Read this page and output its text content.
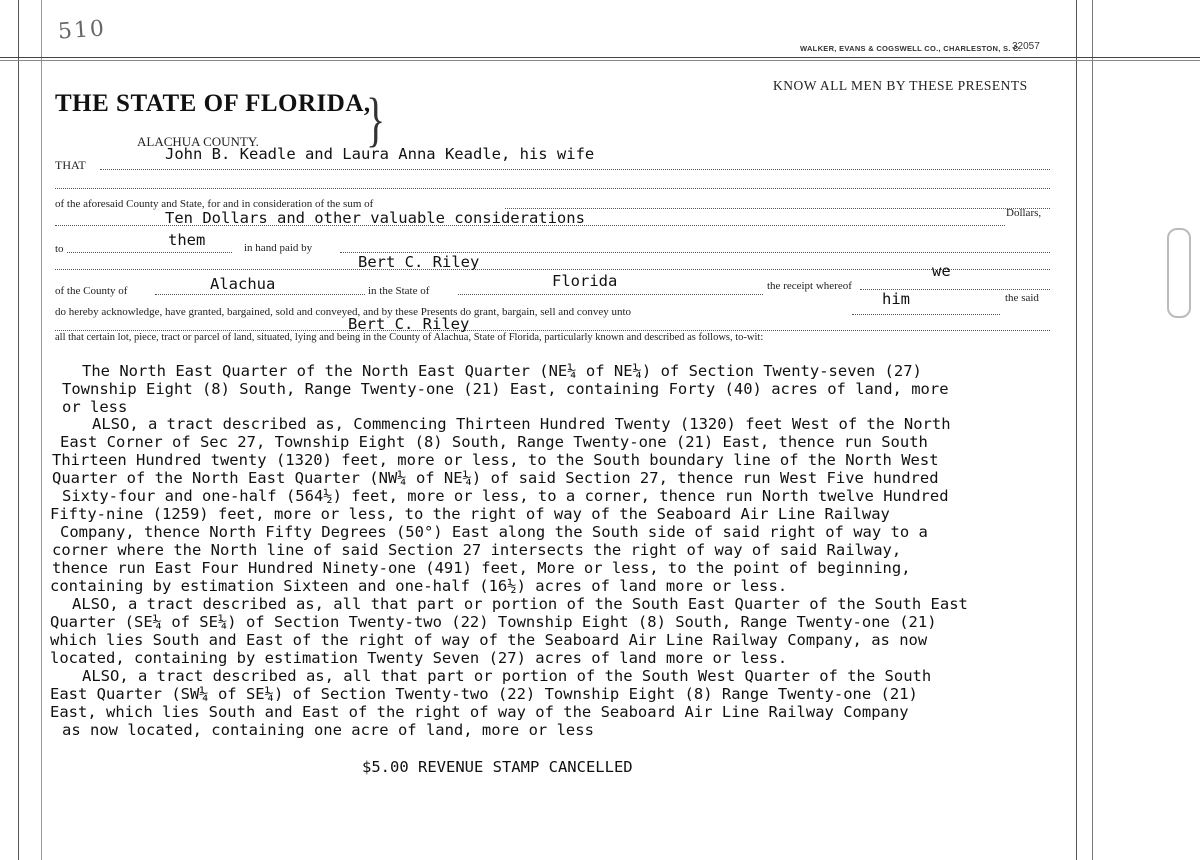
510
WALKER, EVANS & COGSWELL CO., CHARLESTON, S. C.
32057
THE STATE OF FLORIDA,
}	KNOW ALL MEN BY THESE PRESENTS
ALACHUA COUNTY.
THAT
John B. Keadle and Laura Anna Keadle, his wife
of the aforesaid County and State, for and in consideration of the sum of
Ten Dollars and other valuable considerations	Dollars,
to	them	in hand paid by
Bert C. Riley
of the County of	Alachua	in the State of
Florida	the receipt whereof
we
do hereby acknowledge, have granted, bargained, sold and conveyed, and by these Presents do grant, bargain, sell and convey unto
him	the said
Bert C. Riley
all that certain lot, piece, tract or parcel of land, situated, lying and being in the County of Alachua, State of Florida, particularly known and described as follows, to-wit:
The North East Quarter of the North East Quarter (NE¼ of NE¼) of Section Twenty-seven (27)
Township Eight (8) South, Range Twenty-one (21) East, containing Forty (40) acres of land, more
or less
ALSO, a tract described as, Commencing Thirteen Hundred Twenty (1320) feet West of the North
East Corner of Sec 27, Township Eight (8) South, Range Twenty-one (21) East, thence run South
Thirteen Hundred twenty (1320) feet, more or less, to the South boundary line of the North West
Quarter of the North East Quarter (NW¼ of NE¼) of said Section 27, thence run West Five hundred
Sixty-four and one-half (564½) feet, more or less, to a corner, thence run North twelve Hundred
Fifty-nine (1259) feet, more or less, to the right of way of the Seaboard Air Line Railway
Company, thence North Fifty Degrees (50°) East along the South side of said right of way to a
corner where the North line of said Section 27 intersects the right of way of said Railway,
thence run East Four Hundred Ninety-one (491) feet, More or less, to the point of beginning,
containing by estimation Sixteen and one-half (16½) acres of land more or less.
ALSO, a tract described as, all that part or portion of the South East Quarter of the South East
Quarter (SE¼ of SE¼) of Section Twenty-two (22) Township Eight (8) South, Range Twenty-one (21)
which lies South and East of the right of way of the Seaboard Air Line Railway Company, as now
located, containing by estimation Twenty Seven (27) acres of land more or less.
ALSO, a tract described as, all that part or portion of the South West Quarter of the South
East Quarter (SW¼ of SE¼) of Section Twenty-two (22) Township Eight (8) Range Twenty-one (21)
East, which lies South and East of the right of way of the Seaboard Air Line Railway Company
as now located, containing one acre of land, more or less
$5.00 REVENUE STAMP CANCELLED
